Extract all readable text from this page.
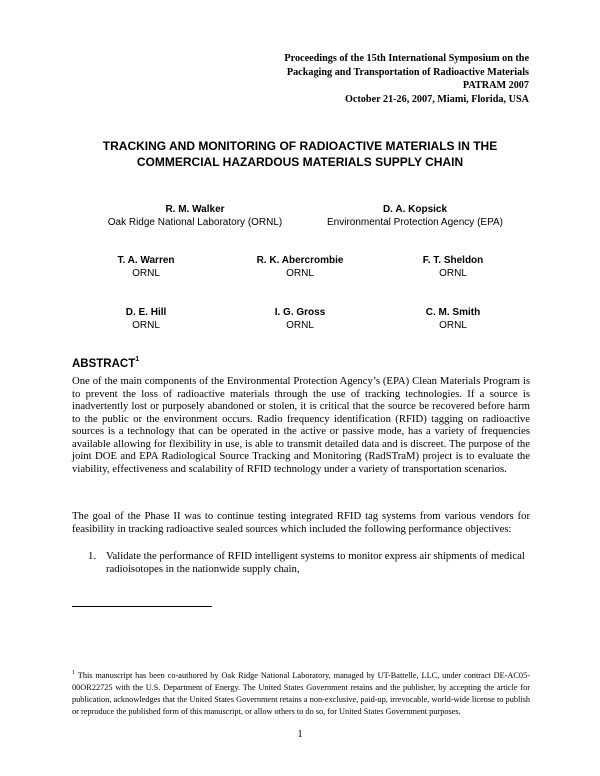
Proceedings of the 15th International Symposium on the
Packaging and Transportation of Radioactive Materials
PATRAM 2007
October 21-26, 2007, Miami, Florida, USA
TRACKING AND MONITORING OF RADIOACTIVE MATERIALS IN THE COMMERCIAL HAZARDOUS MATERIALS SUPPLY CHAIN
R. M. Walker
Oak Ridge National Laboratory (ORNL)
D. A. Kopsick
Environmental Protection Agency (EPA)
T. A. Warren
ORNL
R. K. Abercrombie
ORNL
F. T. Sheldon
ORNL
D. E. Hill
ORNL
I. G. Gross
ORNL
C. M. Smith
ORNL
ABSTRACT$^1$
One of the main components of the Environmental Protection Agency’s (EPA) Clean Materials Program is to prevent the loss of radioactive materials through the use of tracking technologies. If a source is inadvertently lost or purposely abandoned or stolen, it is critical that the source be recovered before harm to the public or the environment occurs. Radio frequency identification (RFID) tagging on radioactive sources is a technology that can be operated in the active or passive mode, has a variety of frequencies available allowing for flexibility in use, is able to transmit detailed data and is discreet. The purpose of the joint DOE and EPA Radiological Source Tracking and Monitoring (RadSTraM) project is to evaluate the viability, effectiveness and scalability of RFID technology under a variety of transportation scenarios.
The goal of the Phase II was to continue testing integrated RFID tag systems from various vendors for feasibility in tracking radioactive sealed sources which included the following performance objectives:
1. Validate the performance of RFID intelligent systems to monitor express air shipments of medical radioisotopes in the nationwide supply chain,
$^1$ This manuscript has been co-authored by Oak Ridge National Laboratory, managed by UT-Battelle, LLC, under contract DE-AC05-00OR22725 with the U.S. Department of Energy. The United States Government retains and the publisher, by accepting the article for publication, acknowledges that the United States Government retains a non-exclusive, paid-up, irrevocable, world-wide license to publish or reproduce the published form of this manuscript, or allow others to do so, for United States Government purposes.
1
